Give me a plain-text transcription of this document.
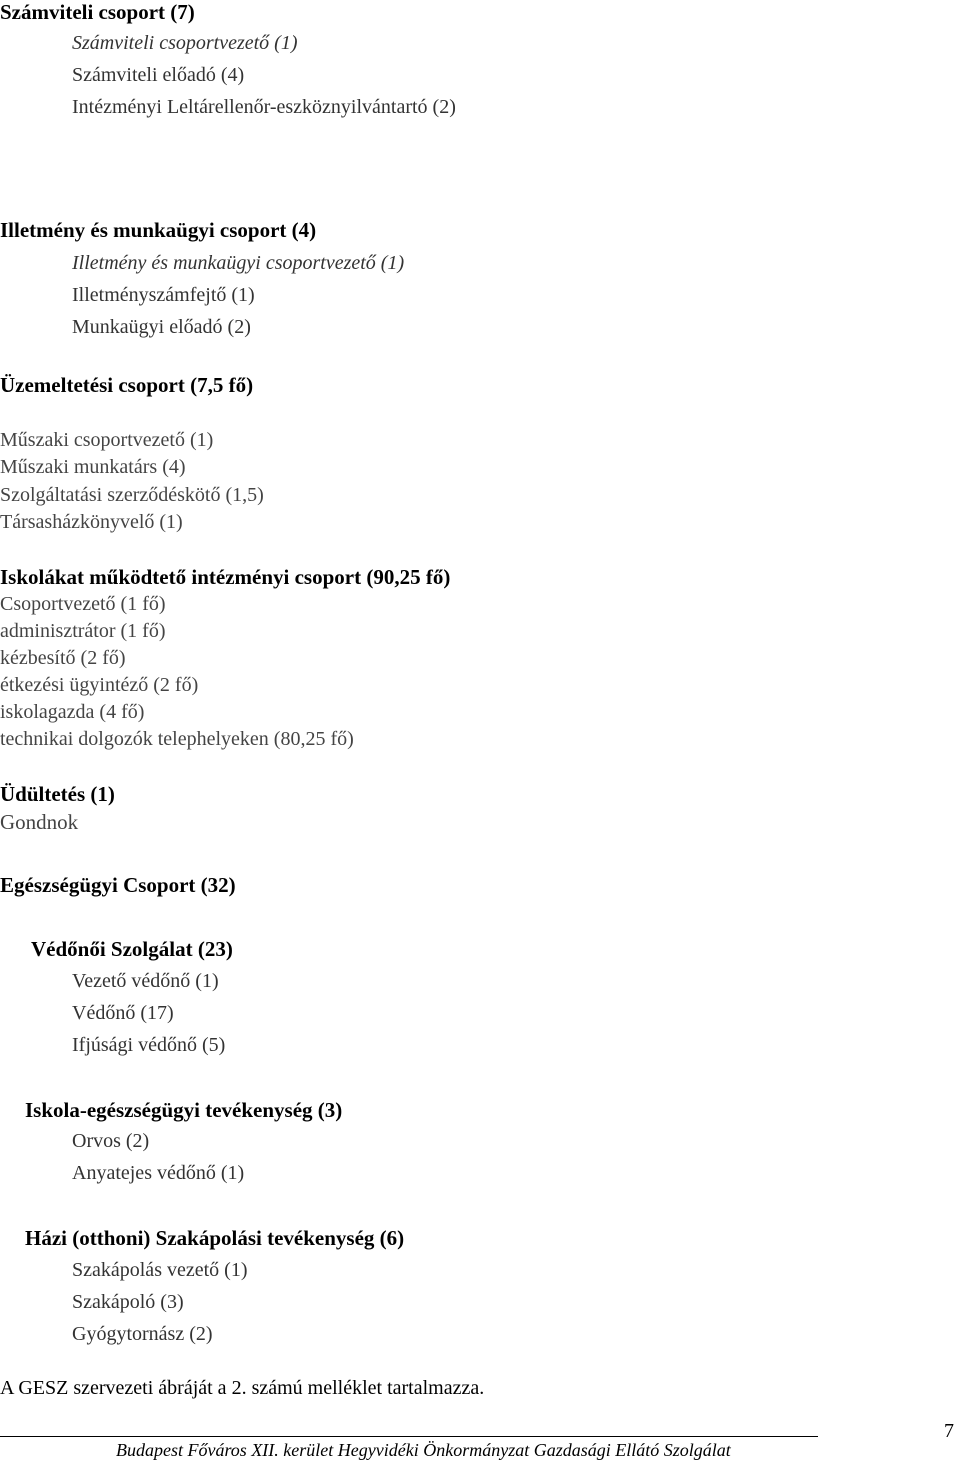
Számviteli csoport (7)
Számviteli csoportvezető (1)
Számviteli előadó (4)
Intézményi Leltárellenőr-eszköznyilvántartó (2)
Illetmény és munkaügyi csoport (4)
Illetmény és munkaügyi csoportvezető (1)
Illetményszámfejtő (1)
Munkaügyi előadó (2)
Üzemeltetési csoport (7,5 fő)
Műszaki csoportvezető (1)
Műszaki munkatárs (4)
Szolgáltatási szerződéskötő (1,5)
Társasházkönyvelő (1)
Iskolákat működtető intézményi csoport (90,25 fő)
Csoportvezető (1 fő)
adminisztrátor (1 fő)
kézbesítő (2 fő)
étkezési ügyintéző (2 fő)
iskolagazda (4 fő)
technikai dolgozók telephelyeken (80,25 fő)
Üdültetés (1)
Gondnok
Egészségügyi Csoport (32)
Védőnői Szolgálat (23)
Vezető védőnő (1)
Védőnő (17)
Ifjúsági védőnő (5)
Iskola-egészségügyi tevékenység (3)
Orvos (2)
Anyatejes védőnő (1)
Házi (otthoni) Szakápolási tevékenység (6)
Szakápolás vezető (1)
Szakápoló (3)
Gyógytornász (2)
A GESZ szervezeti ábráját a 2. számú melléklet tartalmazza.
Budapest Főváros XII. kerület Hegyvidéki Önkormányzat Gazdasági Ellátó Szolgálat
7
